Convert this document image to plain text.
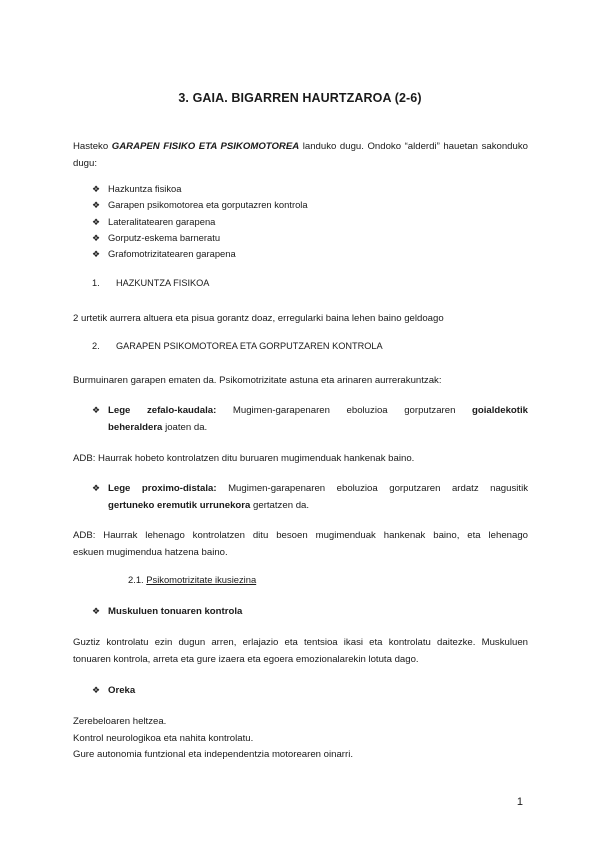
3. GAIA. BIGARREN HAURTZAROA (2-6)
Hasteko GARAPEN FISIKO ETA PSIKOMOTOREA landuko dugu. Ondoko “alderdi” hauetan sakonduko
dugu:
❖ Hazkuntza fisikoa
❖ Garapen psikomotorea eta gorputazren kontrola
❖ Lateralitatearen garapena
❖ Gorputz-eskema barneratu
❖ Grafomotrizitatearen garapena
1. HAZKUNTZA FISIKOA
2 urtetik aurrera altuera eta pisua gorantz doaz, erregularki baina lehen baino geldoago
2. GARAPEN PSIKOMOTOREA ETA GORPUTZAREN KONTROLA
Burmuinaren garapen ematen da. Psikomotrizitate astuna eta arinaren aurrerakuntzak:
❖ Lege zefalo-kaudala: Mugimen-garapenaren eboluzioa gorputzaren goialdekotik
beheraldera joaten da.
ADB: Haurrak hobeto kontrolatzen ditu buruaren mugimenduak hankenak baino.
❖ Lege proximo-distala: Mugimen-garapenaren eboluzioa gorputzaren ardatz nagusitik
gertuneko eremutik urrunekora gertatzen da.
ADB: Haurrak lehenago kontrolatzen ditu besoen mugimenduak hankenak baino, eta lehenago
eskuen mugimendua hatzena baino.
2.1. Psikomotrizitate ikusiezina
❖ Muskuluen tonuaren kontrola
Guztiz kontrolatu ezin dugun arren, erlajazio eta tentsioa ikasi eta kontrolatu daitezke. Muskuluen
tonuaren kontrola, arreta eta gure izaera eta egoera emozionalarekin lotuta dago.
❖ Oreka
Zerebeloaren heltzea.
Kontrol neurologikoa eta nahita kontrolatu.
Gure autonomia funtzional eta independentzia motorearen oinarri.
1
